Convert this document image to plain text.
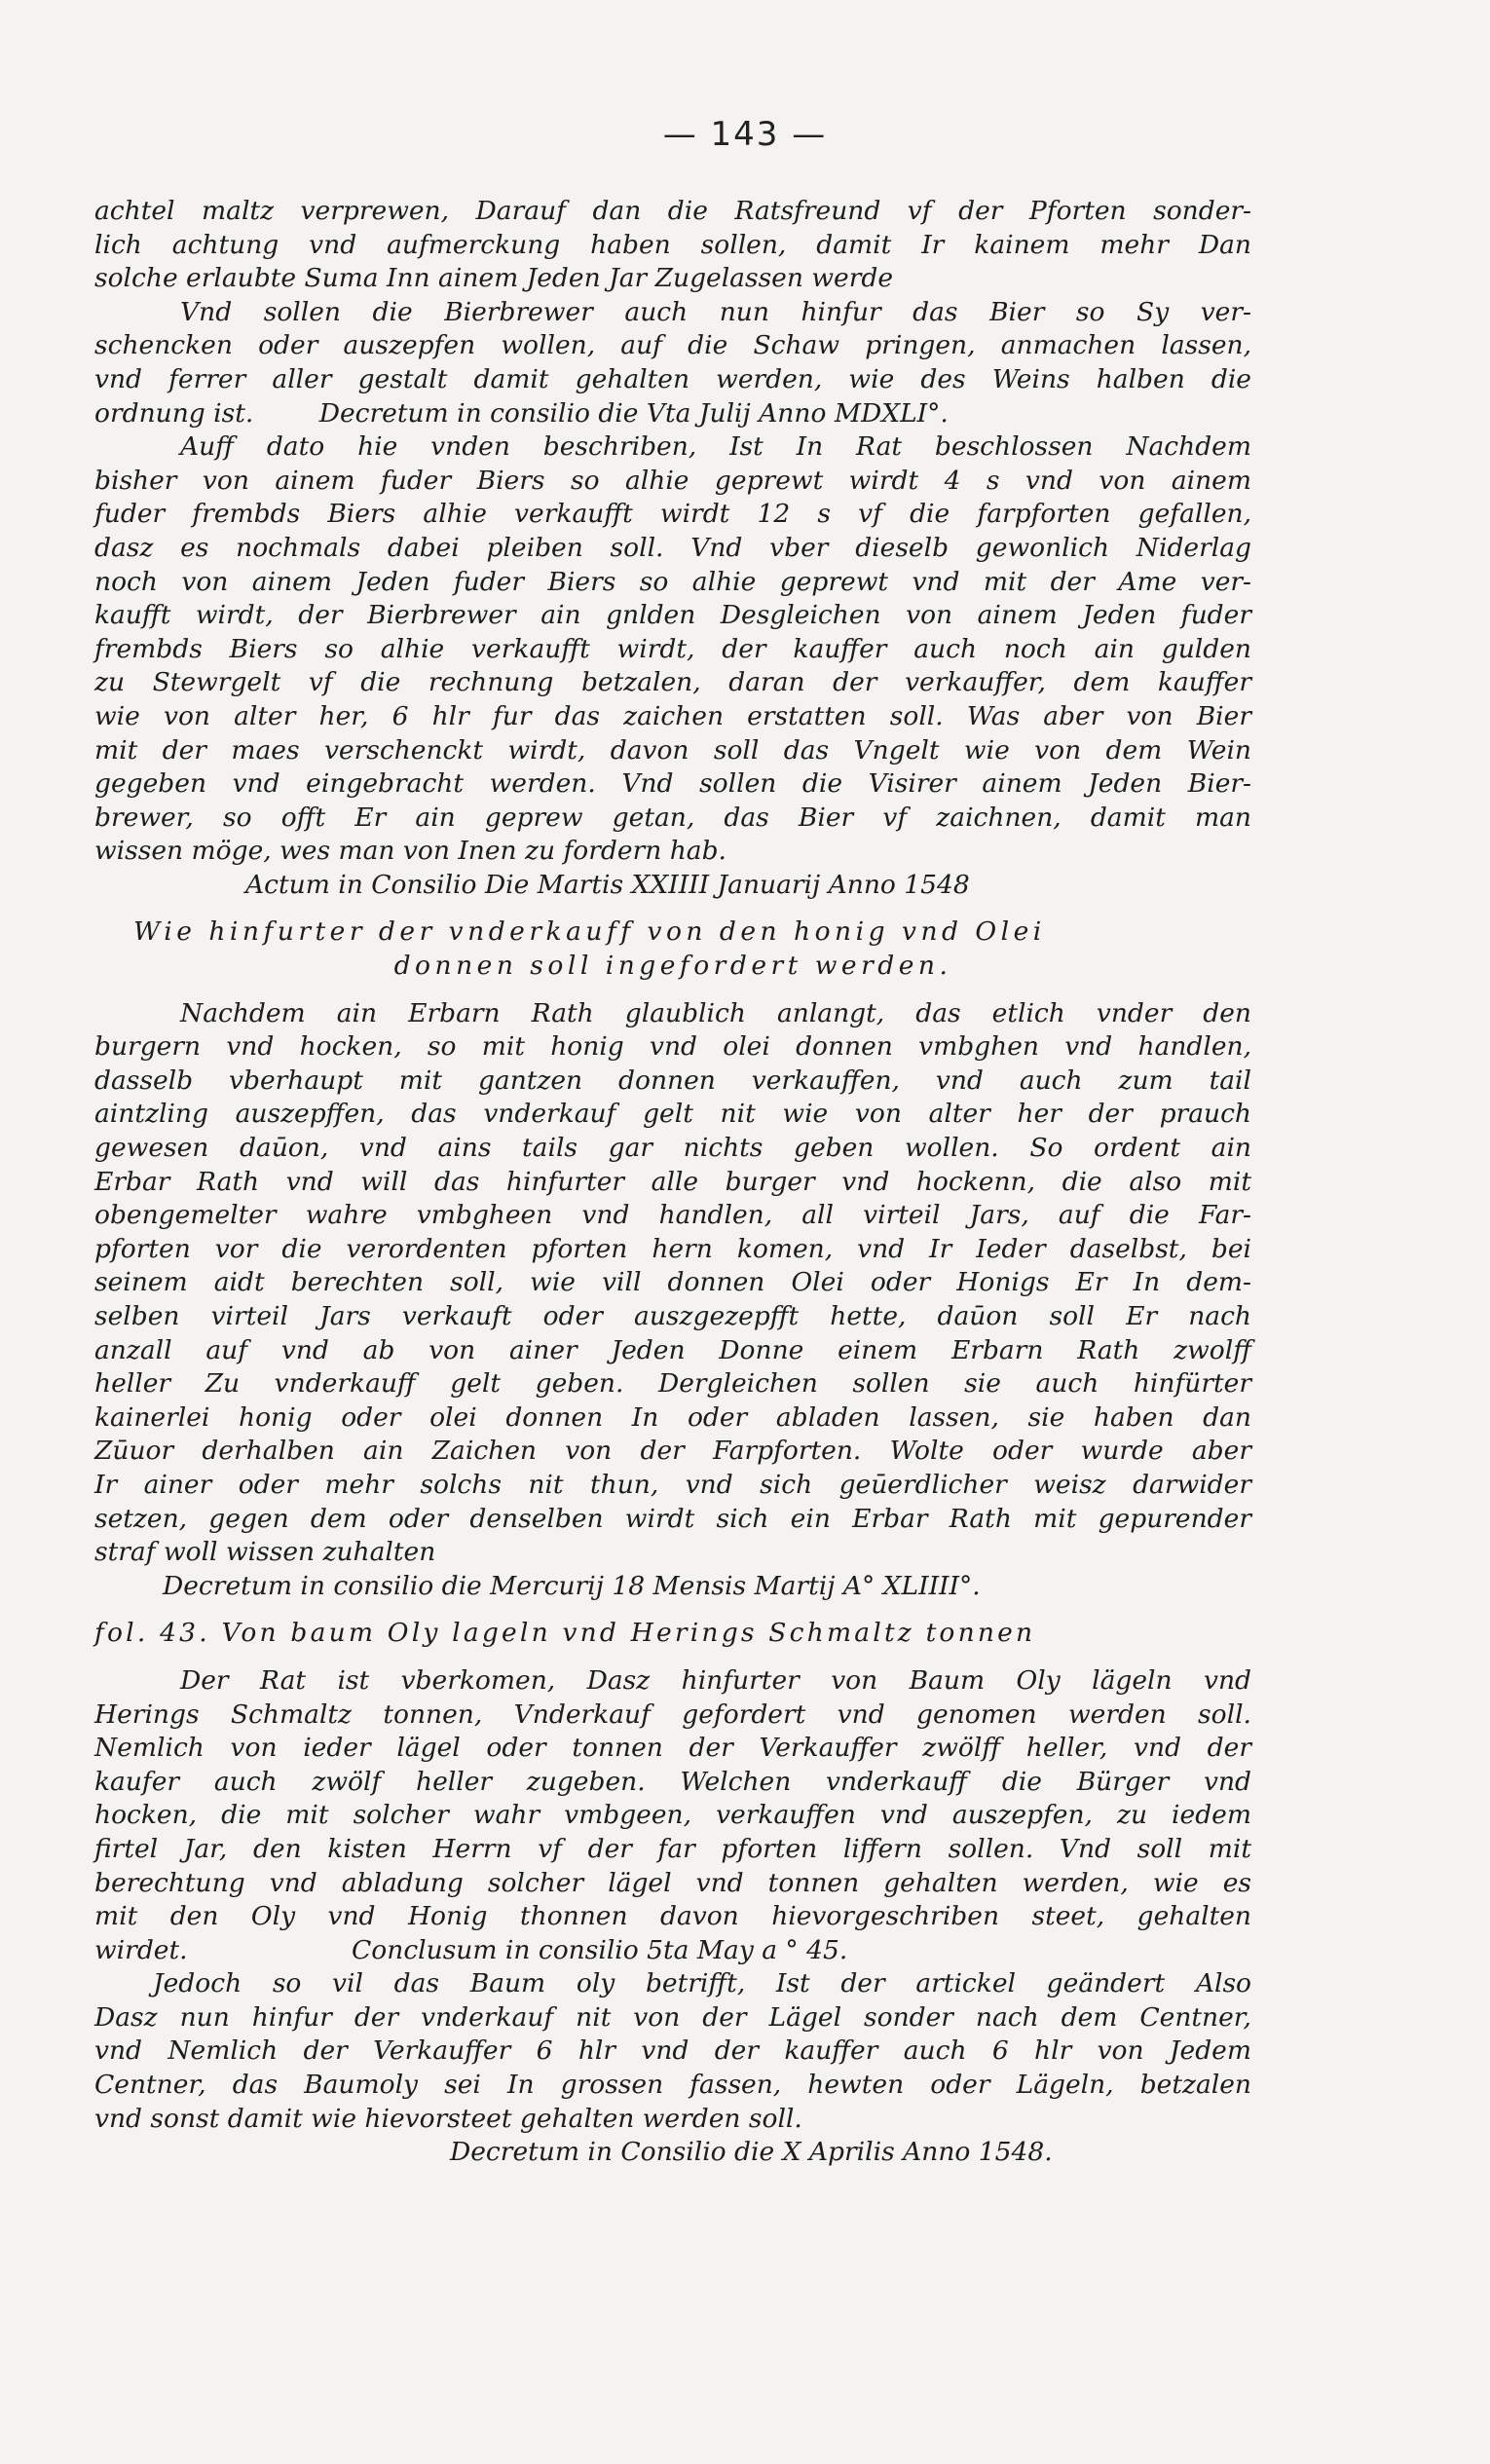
— 143 —
achtel maltz verprewen, Darauf dan die Ratsfreund vf der Pforten sonder-
lich achtung vnd aufmerckung haben sollen, damit Ir kainem mehr Dan
solche erlaubte Suma Inn ainem Jeden Jar Zugelassen werde
Vnd sollen die Bierbrewer auch nun hinfur das Bier so Sy ver-
schencken oder auszepfen wollen, auf die Schaw pringen, anmachen lassen,
vnd ferrer aller gestalt damit gehalten werden, wie des Weins halben die
ordnung ist.        Decretum in consilio die Vta Julij Anno MDXLI°.
Auff dato hie vnden beschriben, Ist In Rat beschlossen Nachdem
bisher von ainem fuder Biers so alhie geprewt wirdt 4 s vnd von ainem
fuder frembds Biers alhie verkaufft wirdt 12 s vf die farpforten gefallen,
dasz es nochmals dabei pleiben soll. Vnd vber dieselb gewonlich Niderlag
noch von ainem Jeden fuder Biers so alhie geprewt vnd mit der Ame ver-
kaufft wirdt, der Bierbrewer ain gnlden Desgleichen von ainem Jeden fuder
frembds Biers so alhie verkaufft wirdt, der kauffer auch noch ain gulden
zu Stewrgelt vf die rechnung betzalen, daran der verkauffer, dem kauffer
wie von alter her, 6 hlr fur das zaichen erstatten soll. Was aber von Bier
mit der maes verschenckt wirdt, davon soll das Vngelt wie von dem Wein
gegeben vnd eingebracht werden. Vnd sollen die Visirer ainem Jeden Bier-
brewer, so offt Er ain geprew getan, das Bier vf zaichnen, damit man
wissen möge, wes man von Inen zu fordern hab.
Actum in Consilio Die Martis XXIIII Januarij Anno 1548
Wie hinfurter der vnderkauff von den honig vnd Olei
donnen soll ingefordert werden.
Nachdem ain Erbarn Rath glaublich anlangt, das etlich vnder den
burgern vnd hocken, so mit honig vnd olei donnen vmbghen vnd handlen,
dasselb vberhaupt mit gantzen donnen verkauffen, vnd auch zum tail
aintzling auszepffen, das vnderkauf gelt nit wie von alter her der prauch
gewesen daūon, vnd ains tails gar nichts geben wollen. So ordent ain
Erbar Rath vnd will das hinfurter alle burger vnd hockenn, die also mit
obengemelter wahre vmbgheen vnd handlen, all virteil Jars, auf die Far-
pforten vor die verordenten pforten hern komen, vnd Ir Ieder daselbst, bei
seinem aidt berechten soll, wie vill donnen Olei oder Honigs Er In dem-
selben virteil Jars verkauft oder auszgezepfft hette, daūon soll Er nach
anzall auf vnd ab von ainer Jeden Donne einem Erbarn Rath zwolff
heller Zu vnderkauff gelt geben. Dergleichen sollen sie auch hinfürter
kainerlei honig oder olei donnen In oder abladen lassen, sie haben dan
Zūuor derhalben ain Zaichen von der Farpforten. Wolte oder wurde aber
Ir ainer oder mehr solchs nit thun, vnd sich geūerdlicher weisz darwider
setzen, gegen dem oder denselben wirdt sich ein Erbar Rath mit gepurender
straf woll wissen zuhalten
Decretum in consilio die Mercurij 18 Mensis Martij A° XLIIII°.
fol. 43. Von baum Oly lageln vnd Herings Schmaltz tonnen
Der Rat ist vberkomen, Dasz hinfurter von Baum Oly lägeln vnd
Herings Schmaltz tonnen, Vnderkauf gefordert vnd genomen werden soll.
Nemlich von ieder lägel oder tonnen der Verkauffer zwölff heller, vnd der
kaufer auch zwölf heller zugeben. Welchen vnderkauff die Bürger vnd
hocken, die mit solcher wahr vmbgeen, verkauffen vnd auszepfen, zu iedem
firtel Jar, den kisten Herrn vf der far pforten liffern sollen. Vnd soll mit
berechtung vnd abladung solcher lägel vnd tonnen gehalten werden, wie es
mit den Oly vnd Honig thonnen davon hievorgeschriben steet, gehalten
wirdet.                    Conclusum in consilio 5ta May a ° 45.
Jedoch so vil das Baum oly betrifft, Ist der artickel geändert Also
Dasz nun hinfur der vnderkauf nit von der Lägel sonder nach dem Centner,
vnd Nemlich der Verkauffer 6 hlr vnd der kauffer auch 6 hlr von Jedem
Centner, das Baumoly sei In grossen fassen, hewten oder Lägeln, betzalen
vnd sonst damit wie hievorsteet gehalten werden soll.
Decretum in Consilio die X Aprilis Anno 1548.
